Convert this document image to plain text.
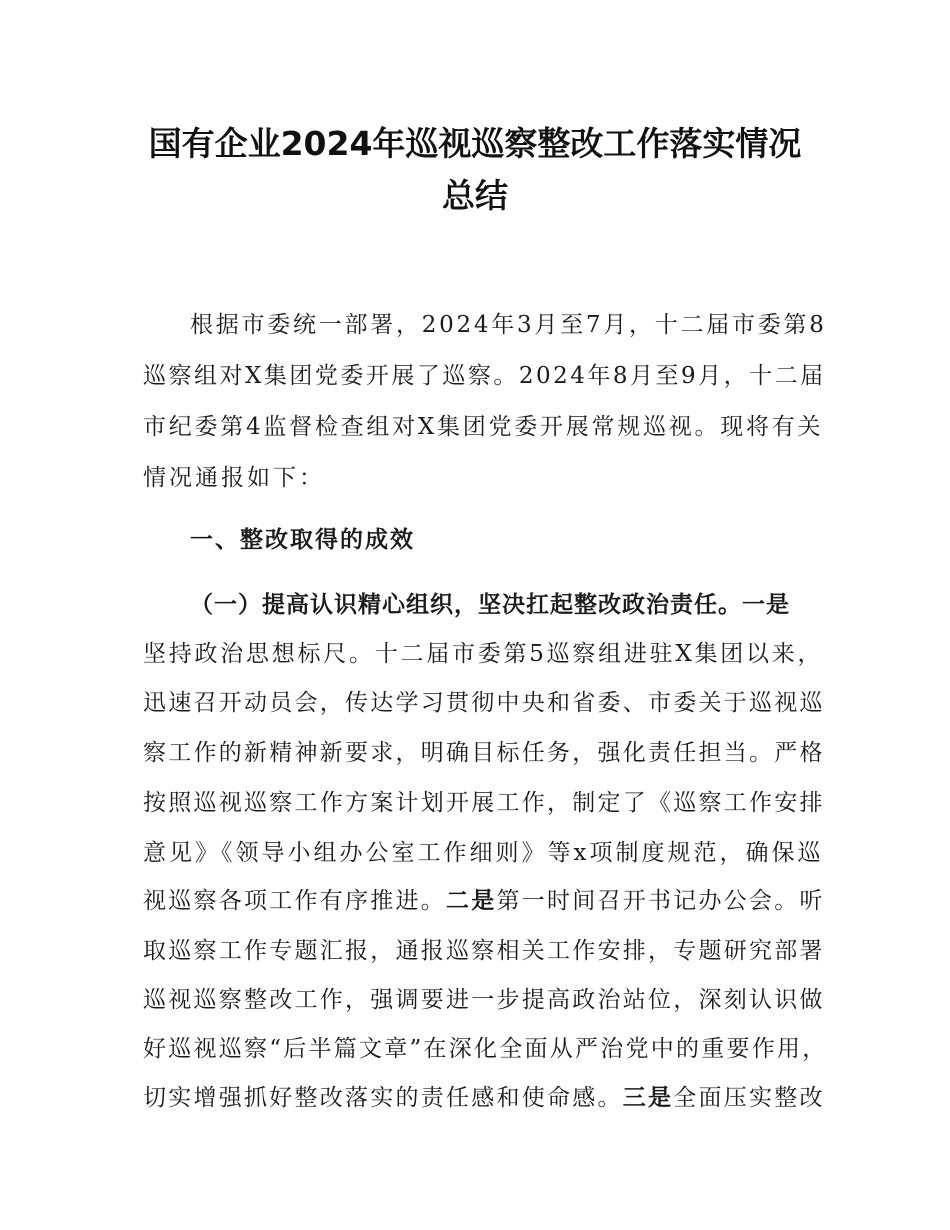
国有企业2024年巡视巡察整改工作落实情况
总结
根据市委统一部署，2024年3月至7月，十二届市委第8
巡察组对X集团党委开展了巡察。2024年8月至9月，十二届
市纪委第4监督检查组对X集团党委开展常规巡视。现将有关
情况通报如下：
一、整改取得的成效
（一）提高认识精心组织，坚决扛起整改政治责任。一是
坚持政治思想标尺。十二届市委第5巡察组进驻X集团以来，
迅速召开动员会，传达学习贯彻中央和省委、市委关于巡视巡
察工作的新精神新要求，明确目标任务，强化责任担当。严格
按照巡视巡察工作方案计划开展工作，制定了《巡察工作安排
意见》《领导小组办公室工作细则》等x项制度规范，确保巡
视巡察各项工作有序推进。二是第一时间召开书记办公会。听
取巡察工作专题汇报，通报巡察相关工作安排，专题研究部署
巡视巡察整改工作，强调要进一步提高政治站位，深刻认识做
好巡视巡察“后半篇文章”在深化全面从严治党中的重要作用，
切实增强抓好整改落实的责任感和使命感。三是全面压实整改
